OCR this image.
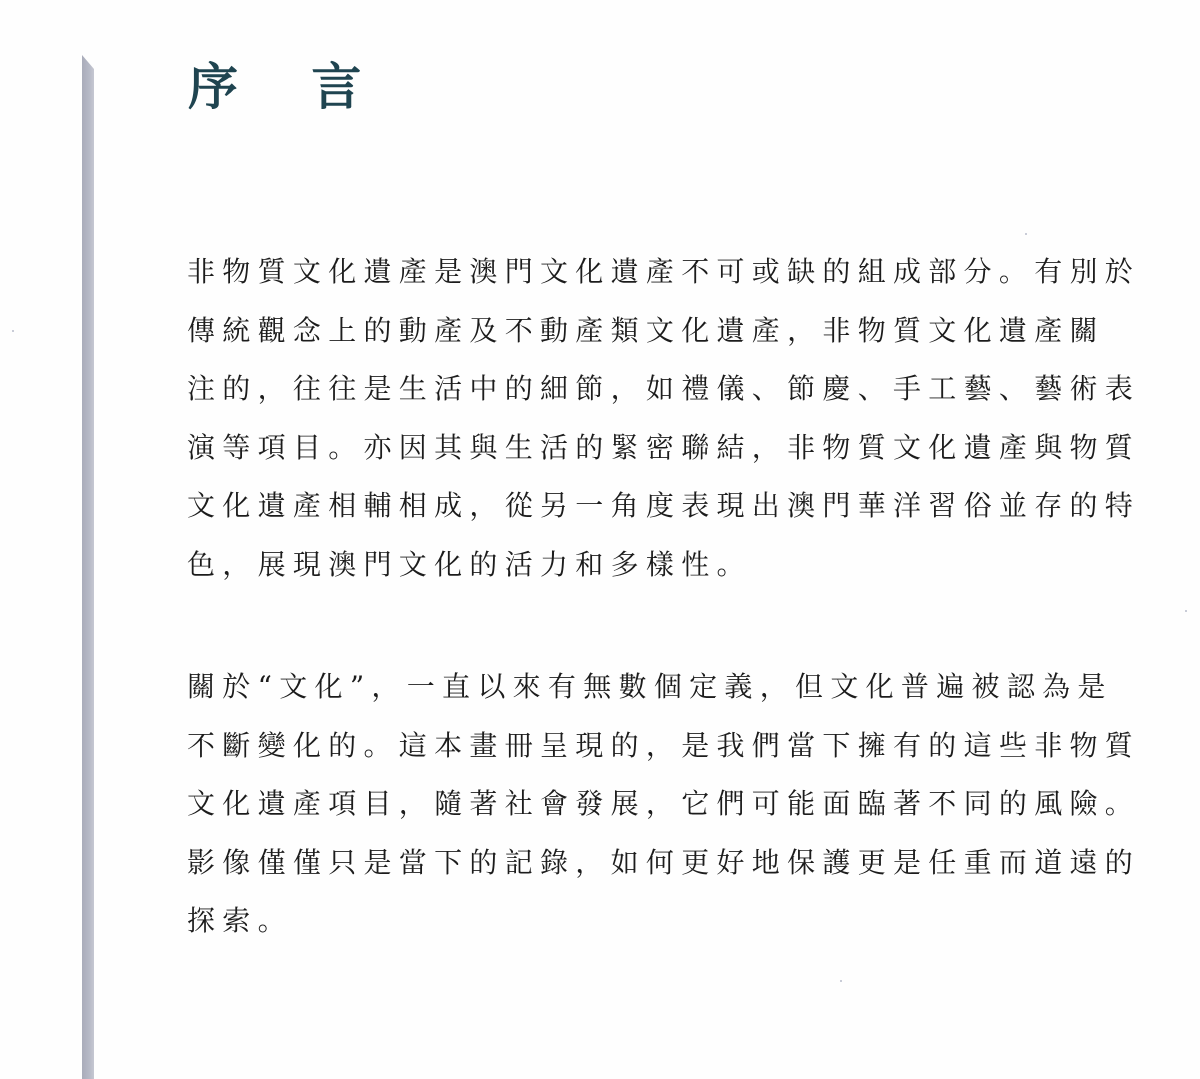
序 言

非物質文化遺產是澳門文化遺產不可或缺的組成部分。有別於
傳統觀念上的動產及不動產類文化遺產，非物質文化遺產關
注的，往往是生活中的細節，如禮儀、節慶、手工藝、藝術表
演等項目。亦因其與生活的緊密聯結，非物質文化遺產與物質
文化遺產相輔相成，從另一角度表現出澳門華洋習俗並存的特
色，展現澳門文化的活力和多樣性。

關於“文化”，一直以來有無數個定義，但文化普遍被認為是
不斷變化的。這本畫冊呈現的，是我們當下擁有的這些非物質
文化遺產項目，隨著社會發展，它們可能面臨著不同的風險。
影像僅僅只是當下的記錄，如何更好地保護更是任重而道遠的
探索。
